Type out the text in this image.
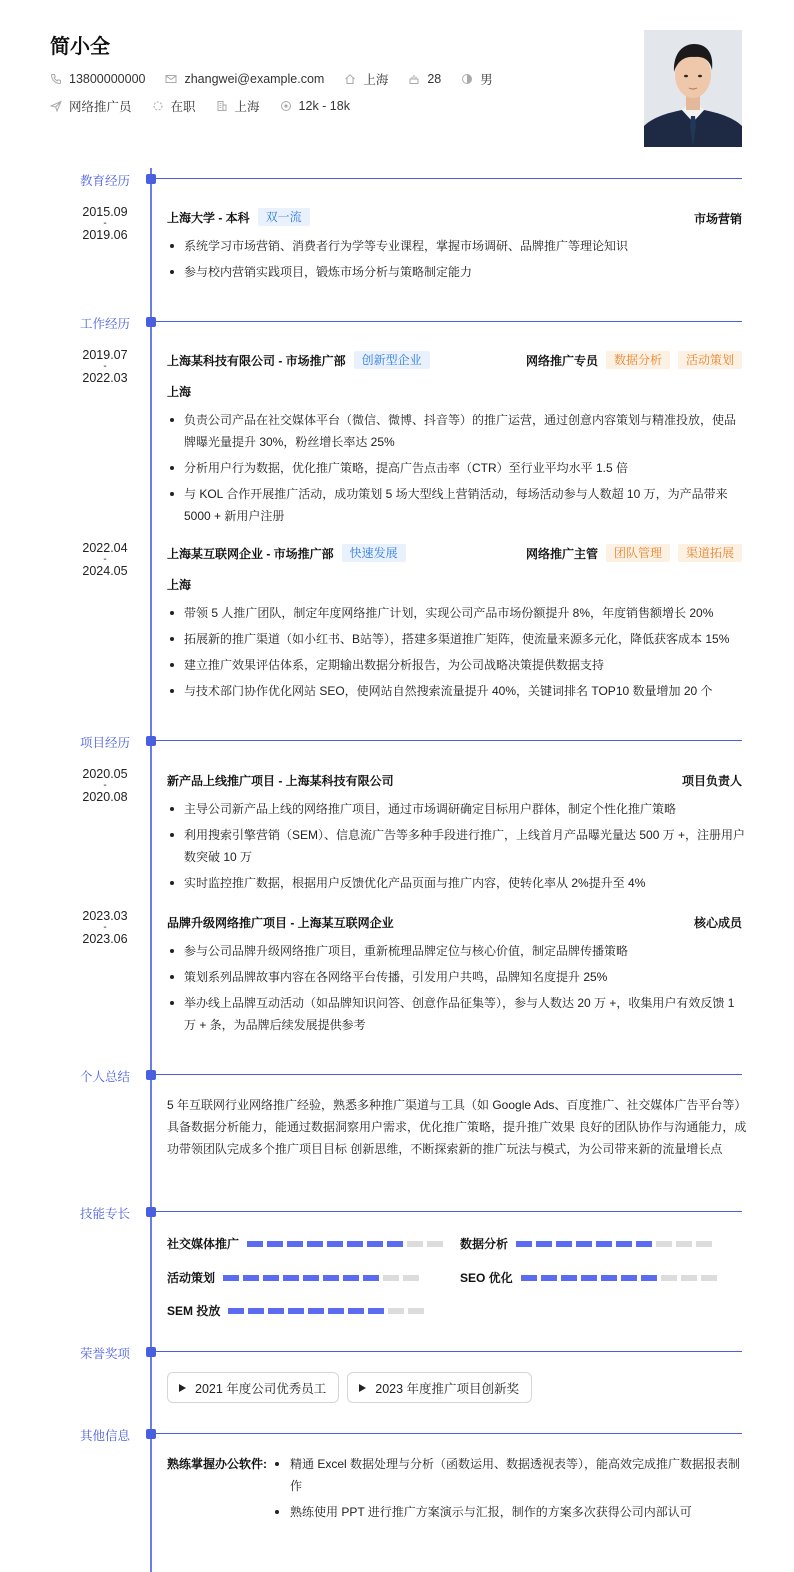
简小全
13800000000	zhangwei@example.com	上海	28	男
网络推广员	在职	上海	12k - 18k
教育经历
2015.09
-
2019.06
上海大学 - 本科	双一流	市场营销
系统学习市场营销、消费者行为学等专业课程，掌握市场调研、品牌推广等理论知识
参与校内营销实践项目，锻炼市场分析与策略制定能力
工作经历
2019.07
-
2022.03
上海某科技有限公司 - 市场推广部	创新型企业	网络推广专员	数据分析	活动策划
上海
负责公司产品在社交媒体平台（微信、微博、抖音等）的推广运营，通过创意内容策划与精准投放，使品牌曝光量提升 30%，粉丝增长率达 25%
分析用户行为数据，优化推广策略，提高广告点击率（CTR）至行业平均水平 1.5 倍
与 KOL 合作开展推广活动，成功策划 5 场大型线上营销活动，每场活动参与人数超 10 万，为产品带来 5000 + 新用户注册
2022.04
-
2024.05
上海某互联网企业 - 市场推广部	快速发展	网络推广主管	团队管理	渠道拓展
上海
带领 5 人推广团队，制定年度网络推广计划，实现公司产品市场份额提升 8%，年度销售额增长 20%
拓展新的推广渠道（如小红书、B站等），搭建多渠道推广矩阵，使流量来源多元化，降低获客成本 15%
建立推广效果评估体系，定期输出数据分析报告，为公司战略决策提供数据支持
与技术部门协作优化网站 SEO，使网站自然搜索流量提升 40%，关键词排名 TOP10 数量增加 20 个
项目经历
2020.05
-
2020.08
新产品上线推广项目 - 上海某科技有限公司	项目负责人
主导公司新产品上线的网络推广项目，通过市场调研确定目标用户群体，制定个性化推广策略
利用搜索引擎营销（SEM）、信息流广告等多种手段进行推广，上线首月产品曝光量达 500 万 +，注册用户数突破 10 万
实时监控推广数据，根据用户反馈优化产品页面与推广内容，使转化率从 2%提升至 4%
2023.03
-
2023.06
品牌升级网络推广项目 - 上海某互联网企业	核心成员
参与公司品牌升级网络推广项目，重新梳理品牌定位与核心价值，制定品牌传播策略
策划系列品牌故事内容在各网络平台传播，引发用户共鸣，品牌知名度提升 25%
举办线上品牌互动活动（如品牌知识问答、创意作品征集等），参与人数达 20 万 +，收集用户有效反馈 1 万 + 条，为品牌后续发展提供参考
个人总结
5 年互联网行业网络推广经验，熟悉多种推广渠道与工具（如 Google Ads、百度推广、社交媒体广告平台等） 具备数据分析能力，能通过数据洞察用户需求，优化推广策略，提升推广效果 良好的团队协作与沟通能力，成功带领团队完成多个推广项目目标 创新思维，不断探索新的推广玩法与模式，为公司带来新的流量增长点
技能专长
社交媒体推广	数据分析
活动策划	SEO 优化
SEM 投放
荣誉奖项
2021 年度公司优秀员工	2023 年度推广项目创新奖
其他信息
熟练掌握办公软件:	精通 Excel 数据处理与分析（函数运用、数据透视表等），能高效完成推广数据报表制作
熟练使用 PPT 进行推广方案演示与汇报，制作的方案多次获得公司内部认可
